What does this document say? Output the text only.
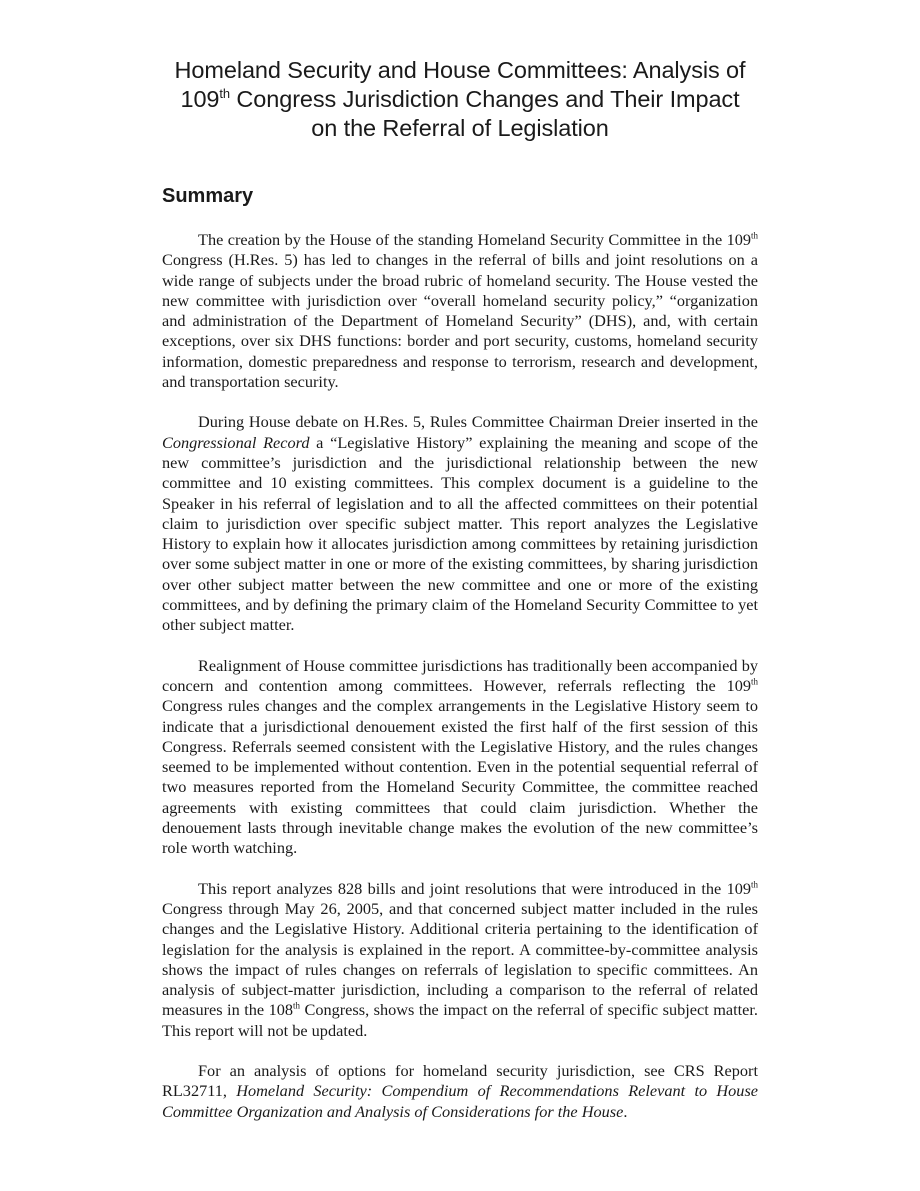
Homeland Security and House Committees: Analysis of
109th Congress Jurisdiction Changes and Their Impact
on the Referral of Legislation
Summary

The creation by the House of the standing Homeland Security Committee in the 109th Congress (H.Res. 5) has led to changes in the referral of bills and joint resolutions on a wide range of subjects under the broad rubric of homeland security. The House vested the new committee with jurisdiction over “overall homeland security policy,” “organization and administration of the Department of Homeland Security” (DHS), and, with certain exceptions, over six DHS functions: border and port security, customs, homeland security information, domestic preparedness and response to terrorism, research and development, and transportation security.

During House debate on H.Res. 5, Rules Committee Chairman Dreier inserted in the Congressional Record a “Legislative History” explaining the meaning and scope of the new committee’s jurisdiction and the jurisdictional relationship between the new committee and 10 existing committees. This complex document is a guideline to the Speaker in his referral of legislation and to all the affected committees on their potential claim to jurisdiction over specific subject matter. This report analyzes the Legislative History to explain how it allocates jurisdiction among committees by retaining jurisdiction over some subject matter in one or more of the existing committees, by sharing jurisdiction over other subject matter between the new committee and one or more of the existing committees, and by defining the primary claim of the Homeland Security Committee to yet other subject matter.

Realignment of House committee jurisdictions has traditionally been accompanied by concern and contention among committees. However, referrals reflecting the 109th Congress rules changes and the complex arrangements in the Legislative History seem to indicate that a jurisdictional denouement existed the first half of the first session of this Congress. Referrals seemed consistent with the Legislative History, and the rules changes seemed to be implemented without contention. Even in the potential sequential referral of two measures reported from the Homeland Security Committee, the committee reached agreements with existing committees that could claim jurisdiction. Whether the denouement lasts through inevitable change makes the evolution of the new committee’s role worth watching.

This report analyzes 828 bills and joint resolutions that were introduced in the 109th Congress through May 26, 2005, and that concerned subject matter included in the rules changes and the Legislative History. Additional criteria pertaining to the identification of legislation for the analysis is explained in the report. A committee-by-committee analysis shows the impact of rules changes on referrals of legislation to specific committees. An analysis of subject-matter jurisdiction, including a comparison to the referral of related measures in the 108th Congress, shows the impact on the referral of specific subject matter. This report will not be updated.

For an analysis of options for homeland security jurisdiction, see CRS Report RL32711, Homeland Security: Compendium of Recommendations Relevant to House Committee Organization and Analysis of Considerations for the House.
